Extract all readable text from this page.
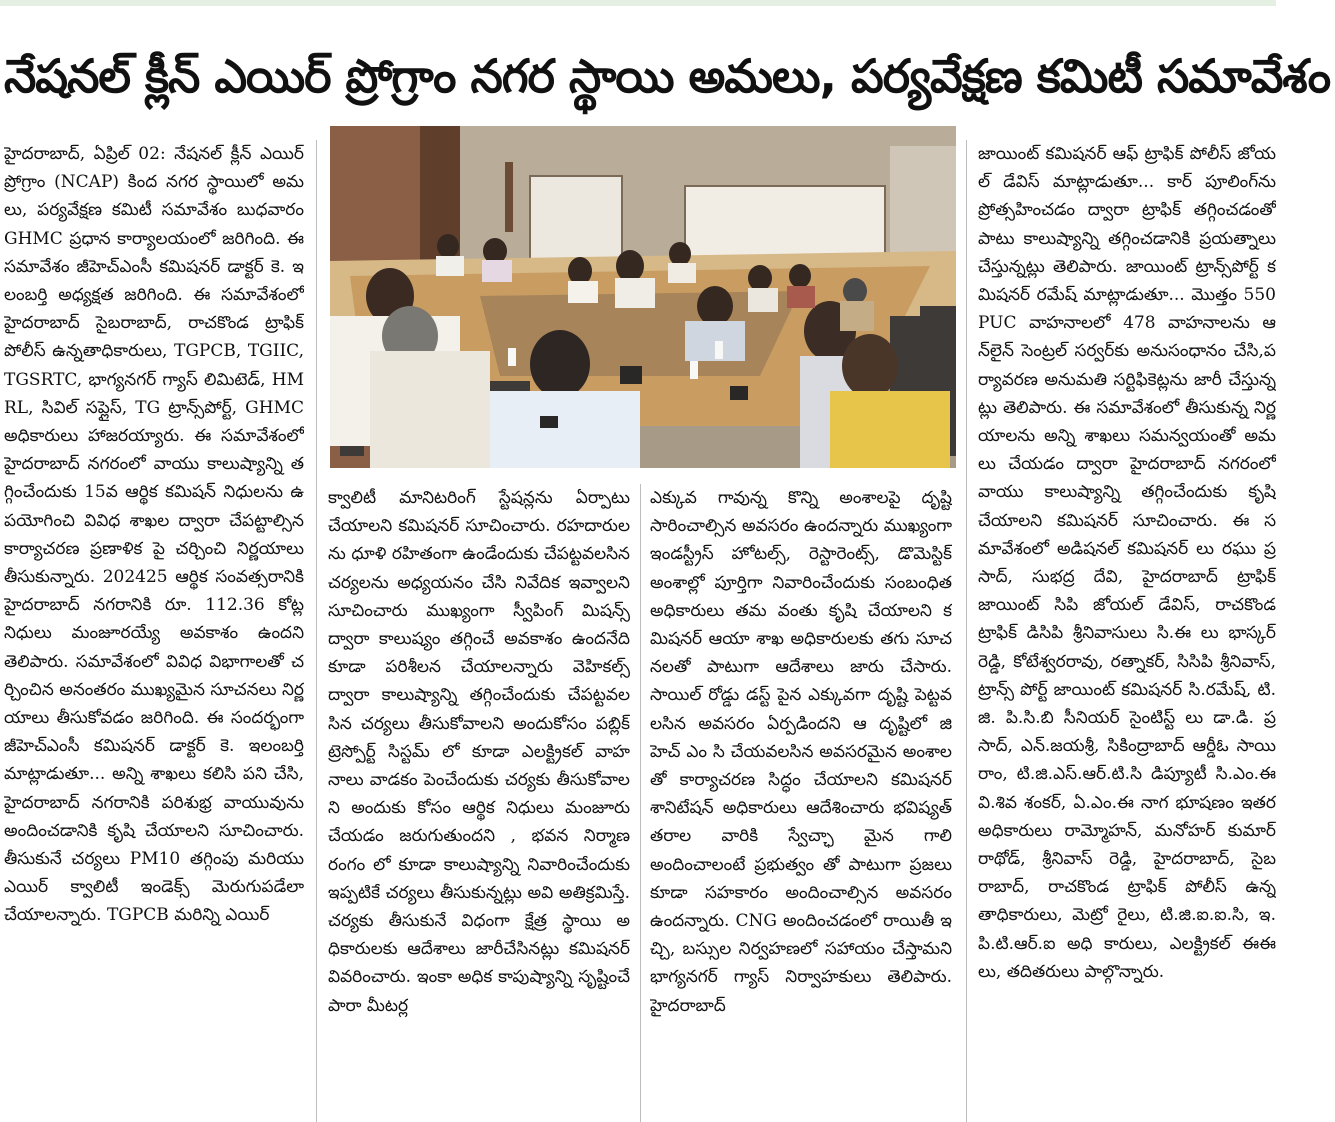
నేషనల్ క్లీన్ ఎయిర్ ప్రోగ్రాం నగర స్థాయి అమలు, పర్యవేక్షణ కమిటీ సమావేశం
హైదరాబాద్, ఏప్రిల్ 02: నేషనల్ క్లీన్ ఎయిర్ ప్రోగ్రాం (NCAP) కింద నగర స్థాయిలో అమలు, పర్యవేక్షణ కమిటీ సమావేశం బుధవారం GHMC ప్రధాన కార్యాలయంలో జరిగింది. ఈ సమావేశం జీహెచ్ఎంసీ కమిషనర్ డాక్టర్ కె. ఇలంబర్తి అధ్యక్షత జరిగింది. ఈ సమావేశంలో హైదరాబాద్ సైబరాబాద్, రాచకొండ ట్రాఫిక్ పోలీస్ ఉన్నతాధికారులు, TGPCB, TGIIC, TGSRTC, భాగ్యనగర్ గ్యాస్ లిమిటెడ్, HMRL, సివిల్ సప్లైస్, TG ట్రాన్స్‌పోర్ట్, GHMC అధికారులు హాజరయ్యారు. ఈ సమావేశంలో హైదరాబాద్ నగరంలో వాయు కాలుష్యాన్ని తగ్గించేందుకు 15వ ఆర్థిక కమిషన్ నిధులను ఉపయోగించి వివిధ శాఖల ద్వారా చేపట్టాల్సిన కార్యాచరణ ప్రణాళిక పై చర్చించి నిర్ణయాలు తీసుకున్నారు. 202425 ఆర్థిక సంవత్సరానికి హైదరాబాద్ నగరానికి రూ. 112.36 కోట్ల నిధులు మంజూరయ్యే అవకాశం ఉందని తెలిపారు. సమావేశంలో వివిధ విభాగాలతో చర్చించిన అనంతరం ముఖ్యమైన సూచనలు నిర్ణయాలు తీసుకోవడం జరిగింది. ఈ సందర్భంగా జీహెచ్ఎంసీ కమిషనర్ డాక్టర్ కె. ఇలంబర్తి మాట్లాడుతూ... అన్ని శాఖలు కలిసి పని చేసి, హైదరాబాద్ నగరానికి పరిశుభ్ర వాయువును అందించడానికి కృషి చేయాలని సూచించారు. తీసుకునే చర్యలు PM10 తగ్గింపు మరియు ఎయిర్ క్వాలిటీ ఇండెక్స్ మెరుగుపడేలా చేయాలన్నారు. TGPCB మరిన్ని ఎయిర్
క్వాలిటీ మానిటరింగ్ స్టేషన్లను ఏర్పాటు చేయాలని కమిషనర్ సూచించారు. రహదారులను ధూళి రహితంగా ఉండేందుకు చేపట్టవలసిన చర్యలను అధ్యయనం చేసి నివేదిక ఇవ్వాలని సూచించారు ముఖ్యంగా స్వీపింగ్ మిషన్స్ ద్వారా కాలుష్యం తగ్గించే అవకాశం ఉందనేది కూడా పరిశీలన చేయాలన్నారు వెహికల్స్ ద్వారా కాలుష్యాన్ని తగ్గించేందుకు చేపట్టవలసిన చర్యలు తీసుకోవాలని అందుకోసం పబ్లిక్ ట్రెస్పోర్ట్ సిస్టమ్ లో కూడా ఎలక్ట్రికల్ వాహనాలు వాడకం పెంచేందుకు చర్యకు తీసుకోవాలని అందుకు కోసం ఆర్థిక నిధులు మంజూరు చేయడం జరుగుతుందని , భవన నిర్మాణ రంగం లో కూడా కాలుష్యాన్ని నివారించేందుకు ఇప్పటికే చర్యలు తీసుకున్నట్లు అవి అతిక్రమిస్తే. చర్యకు తీసుకునే విధంగా క్షేత్ర స్థాయి అధికారులకు ఆదేశాలు జారీచేసినట్లు కమిషనర్ వివరించారు. ఇంకా అధిక కాపుష్యాన్ని సృష్టించే పారా మీటర్ల
ఎక్కువ గావున్న కొన్ని అంశాలపై దృష్టి సారించాల్సిన అవసరం ఉందన్నారు ముఖ్యంగా ఇండస్ట్రీస్ హోటల్స్, రెస్టారెంట్స్, డొమెస్టిక్ అంశాల్లో పూర్తిగా నివారించేందుకు సంబంధిత అధికారులు తమ వంతు కృషి చేయాలని కమిషనర్ ఆయా శాఖ అధికారులకు తగు సూచనలతో పాటుగా ఆదేశాలు జారు చేసారు. సాయిల్ రోడ్డు డస్ట్ పైన ఎక్కువగా దృష్టి పెట్టవలసిన అవసరం ఏర్పడిందని ఆ దృష్టిలో జి హెచ్ ఎం సి చేయవలసిన అవసరమైన అంశాలతో కార్యాచరణ సిద్ధం చేయాలని కమిషనర్ శానిటేషన్ అధికారులు ఆదేశించారు భవిష్యత్ తరాల వారికి స్వేచ్ఛా మైన గాలి అందించాలంటే ప్రభుత్వం తో పాటుగా ప్రజలు కూడా సహకారం అందించాల్సిన అవసరం ఉందన్నారు. CNG అందించడంలో రాయితీ ఇచ్చి, బస్సుల నిర్వహణలో సహాయం చేస్తామని భాగ్యనగర్ గ్యాస్ నిర్వాహకులు తెలిపారు. హైదరాబాద్
జాయింట్ కమిషనర్ ఆఫ్ ట్రాఫిక్ పోలీస్ జోయల్ డేవిస్ మాట్లాడుతూ... కార్ పూలింగ్‌ను ప్రోత్సహించడం ద్వారా ట్రాఫిక్ తగ్గించడంతో పాటు కాలుష్యాన్ని తగ్గించడానికి ప్రయత్నాలు చేస్తున్నట్లు తెలిపారు. జాయింట్ ట్రాన్స్‌పోర్ట్ కమిషనర్ రమేష్ మాట్లాడుతూ... మొత్తం 550 PUC వాహనాలలో 478 వాహనాలను ఆన్‌లైన్ సెంట్రల్ సర్వర్‌కు అనుసంధానం చేసి,పర్యావరణ అనుమతి సర్టిఫికెట్లను జారీ చేస్తున్నట్లు తెలిపారు. ఈ సమావేశంలో తీసుకున్న నిర్ణయాలను అన్ని శాఖలు సమన్వయంతో అమలు చేయడం ద్వారా హైదరాబాద్ నగరంలో వాయు కాలుష్యాన్ని తగ్గించేందుకు కృషి చేయాలని కమిషనర్ సూచించారు. ఈ సమావేశంలో అడిషనల్ కమిషనర్ లు రఘు ప్రసాద్, సుభద్ర దేవి, హైదరాబాద్ ట్రాఫిక్ జాయింట్ సిపి జోయల్ డేవిస్, రాచకొండ ట్రాఫిక్ డిసిపి శ్రీనివాసులు సి.ఈ లు భాస్కర్ రెడ్డి, కోటేశ్వరరావు, రత్నాకర్, సిసిపి శ్రీనివాస్, ట్రాన్స్ పోర్ట్ జాయింట్ కమిషనర్ సి.రమేష్, టి.జి. పి.సి.బి సీనియర్ సైంటిస్ట్ లు డా.డి. ప్రసాద్, ఎన్.జయశ్రీ, సికింద్రాబాద్ ఆర్డీఓ సాయి రాం, టి.జి.ఎస్.ఆర్.టి.సి డిప్యూటీ సి.ఎం.ఈ వి.శివ శంకర్, ఏ.ఎం.ఈ నాగ భూషణం ఇతర అధికారులు రామ్మోహన్, మనోహర్ కుమార్ రాథోడ్, శ్రీనివాస్ రెడ్డి, హైదరాబాద్, సైబరాబాద్, రాచకొండ ట్రాఫిక్ పోలీస్ ఉన్నతాధికారులు, మెట్రో రైలు, టి.జి.ఐ.ఐ.సి, ఇ.పి.టి.ఆర్.ఐ అధి కారులు, ఎలక్ట్రికల్ ఈఈ లు, తదితరులు పాల్గొన్నారు.
